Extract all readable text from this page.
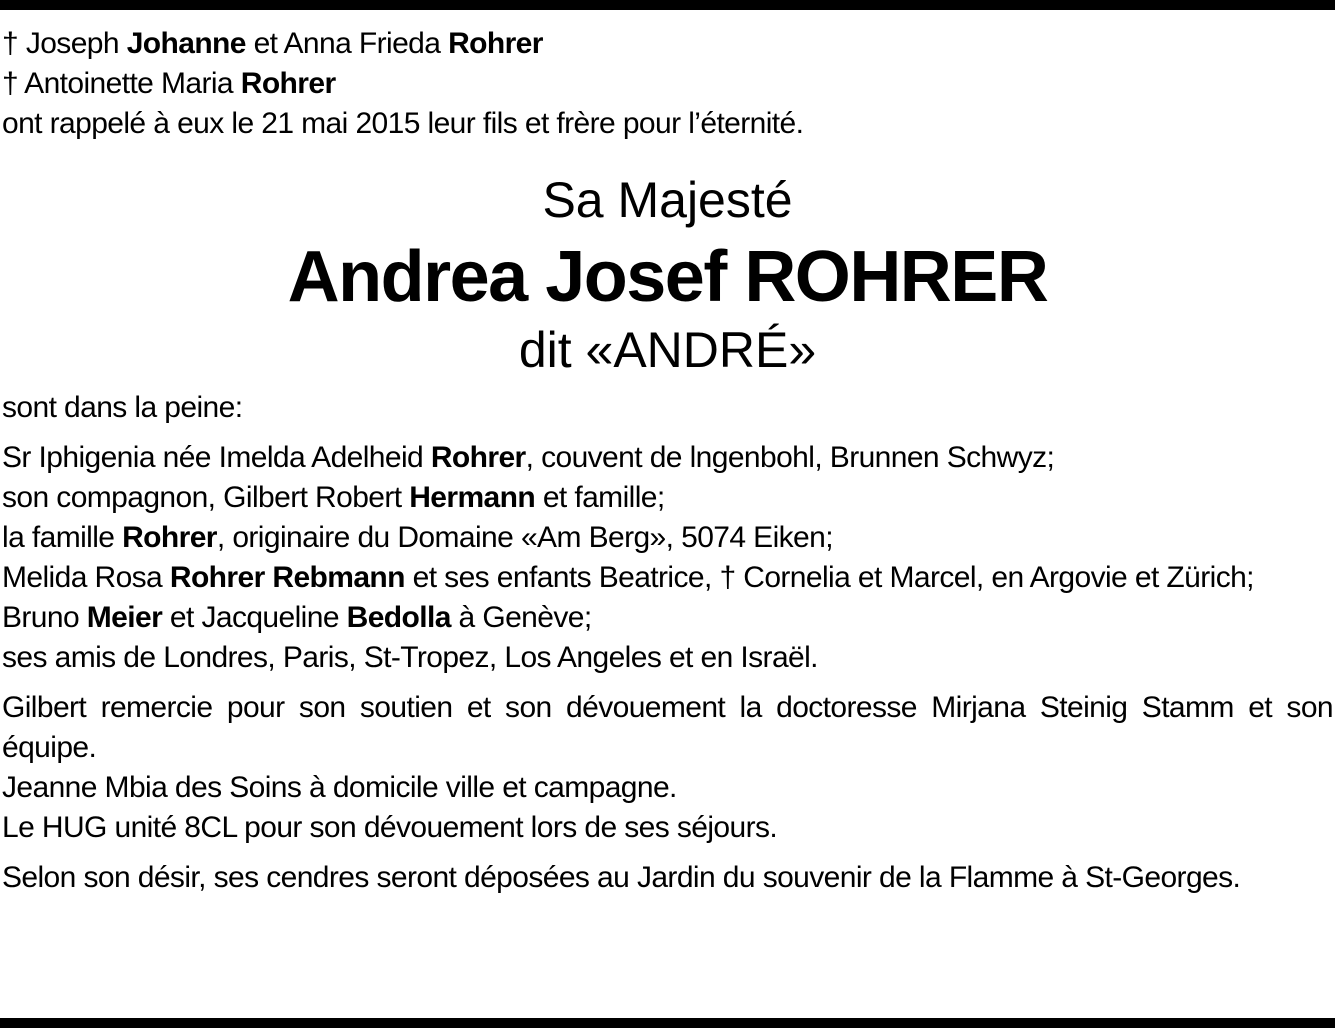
† Joseph Johanne et Anna Frieda Rohrer
† Antoinette Maria Rohrer
ont rappelé à eux le 21 mai 2015 leur fils et frère pour l’éternité.
Sa Majesté
Andrea Josef ROHRER
dit «ANDRÉ»
sont dans la peine:
Sr Iphigenia née Imelda Adelheid Rohrer, couvent de lngenbohl, Brunnen Schwyz;
son compagnon, Gilbert Robert Hermann et famille;
la famille Rohrer, originaire du Domaine «Am Berg», 5074 Eiken;
Melida Rosa Rohrer Rebmann et ses enfants Beatrice, † Cornelia et Marcel, en Argovie et Zürich;
Bruno Meier et Jacqueline Bedolla à Genève;
ses amis de Londres, Paris, St-Tropez, Los Angeles et en Israël.
Gilbert remercie pour son soutien et son dévouement la doctoresse Mirjana Steinig Stamm et son équipe.
Jeanne Mbia des Soins à domicile ville et campagne.
Le HUG unité 8CL pour son dévouement lors de ses séjours.
Selon son désir, ses cendres seront déposées au Jardin du souvenir de la Flamme à St-Georges.
